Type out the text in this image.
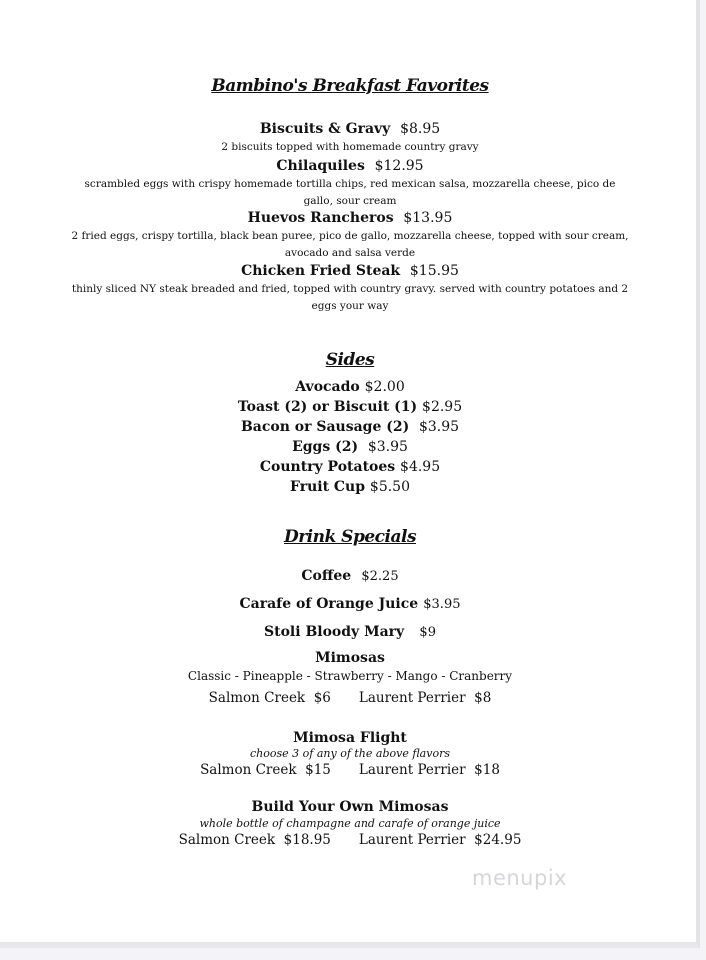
Bambino's Breakfast Favorites
Biscuits & Gravy $8.95
2 biscuits topped with homemade country gravy
Chilaquiles $12.95
scrambled eggs with crispy homemade tortilla chips, red mexican salsa, mozzarella cheese, pico de gallo, sour cream
Huevos Rancheros $13.95
2 fried eggs, crispy tortilla, black bean puree, pico de gallo, mozzarella cheese, topped with sour cream, avocado and salsa verde
Chicken Fried Steak $15.95
thinly sliced NY steak breaded and fried, topped with country gravy. served with country potatoes and 2 eggs your way
Sides
Avocado $2.00
Toast (2) or Biscuit (1) $2.95
Bacon or Sausage (2) $3.95
Eggs (2) $3.95
Country Potatoes $4.95
Fruit Cup $5.50
Drink Specials
Coffee $2.25
Carafe of Orange Juice $3.95
Stoli Bloody Mary $9
Mimosas
Classic - Pineapple - Strawberry - Mango - Cranberry
Salmon Creek  $6 Laurent Perrier  $8
Mimosa Flight
choose 3 of any of the above flavors
Salmon Creek  $15 Laurent Perrier  $18
Build Your Own Mimosas
whole bottle of champagne and carafe of orange juice
Salmon Creek  $18.95 Laurent Perrier  $24.95
menupix
